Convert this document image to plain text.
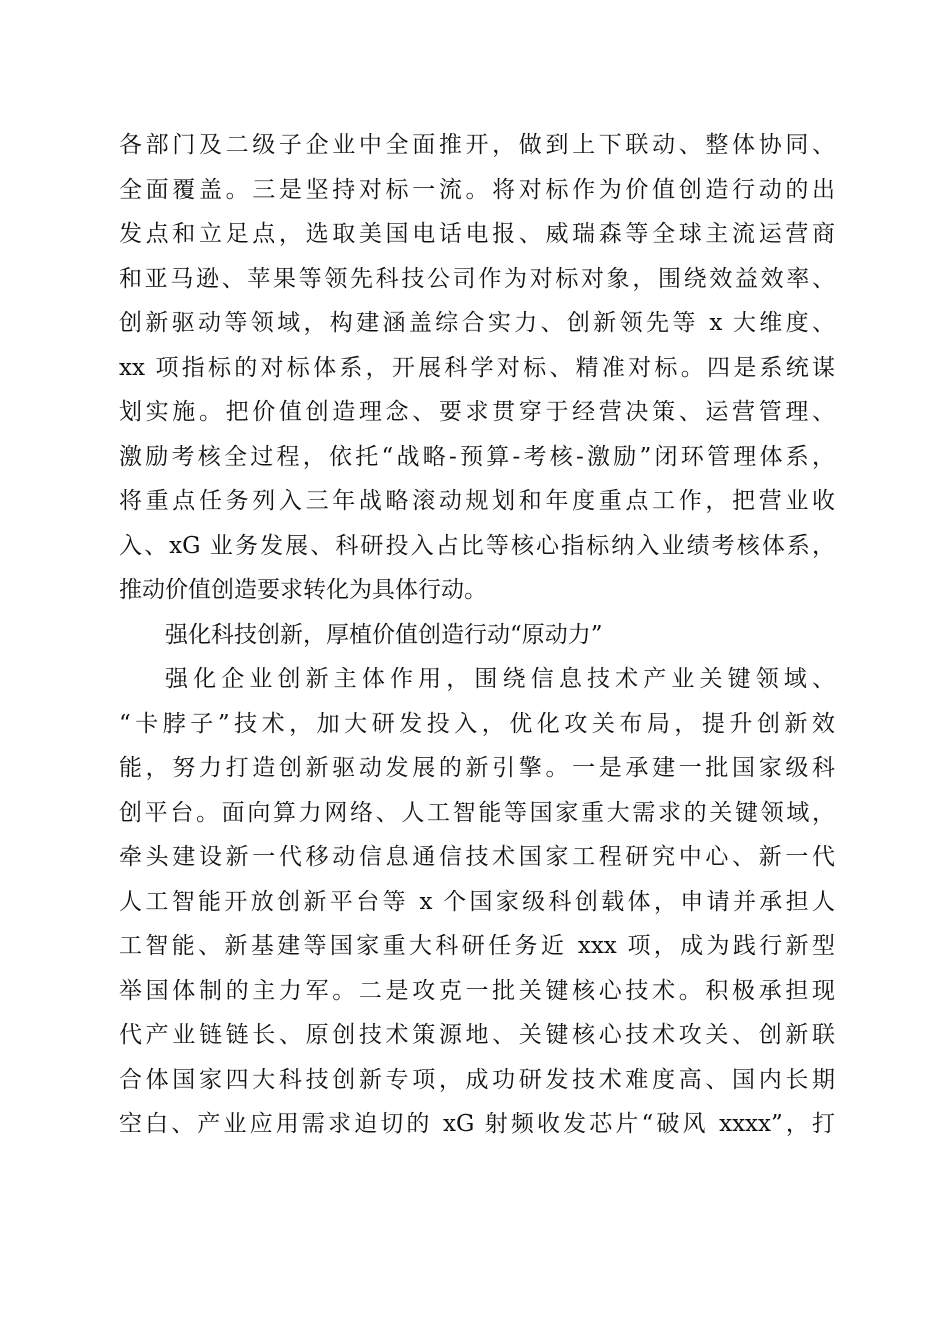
各部门及二级子企业中全面推开，做到上下联动、整体协同、
全面覆盖。三是坚持对标一流。将对标作为价值创造行动的出
发点和立足点，选取美国电话电报、威瑞森等全球主流运营商
和亚马逊、苹果等领先科技公司作为对标对象，围绕效益效率、
创新驱动等领域，构建涵盖综合实力、创新领先等 x 大维度、
xx 项指标的对标体系，开展科学对标、精准对标。四是系统谋
划实施。把价值创造理念、要求贯穿于经营决策、运营管理、
激励考核全过程，依托“战略-预算-考核-激励”闭环管理体系，
将重点任务列入三年战略滚动规划和年度重点工作，把营业收
入、xG 业务发展、科研投入占比等核心指标纳入业绩考核体系，
推动价值创造要求转化为具体行动。
强化科技创新，厚植价值创造行动“原动力”
强化企业创新主体作用，围绕信息技术产业关键领域、
“卡脖子”技术，加大研发投入，优化攻关布局，提升创新效
能，努力打造创新驱动发展的新引擎。一是承建一批国家级科
创平台。面向算力网络、人工智能等国家重大需求的关键领域，
牵头建设新一代移动信息通信技术国家工程研究中心、新一代
人工智能开放创新平台等 x 个国家级科创载体，申请并承担人
工智能、新基建等国家重大科研任务近 xxx 项，成为践行新型
举国体制的主力军。二是攻克一批关键核心技术。积极承担现
代产业链链长、原创技术策源地、关键核心技术攻关、创新联
合体国家四大科技创新专项，成功研发技术难度高、国内长期
空白、产业应用需求迫切的 xG 射频收发芯片“破风 xxxx”，打
